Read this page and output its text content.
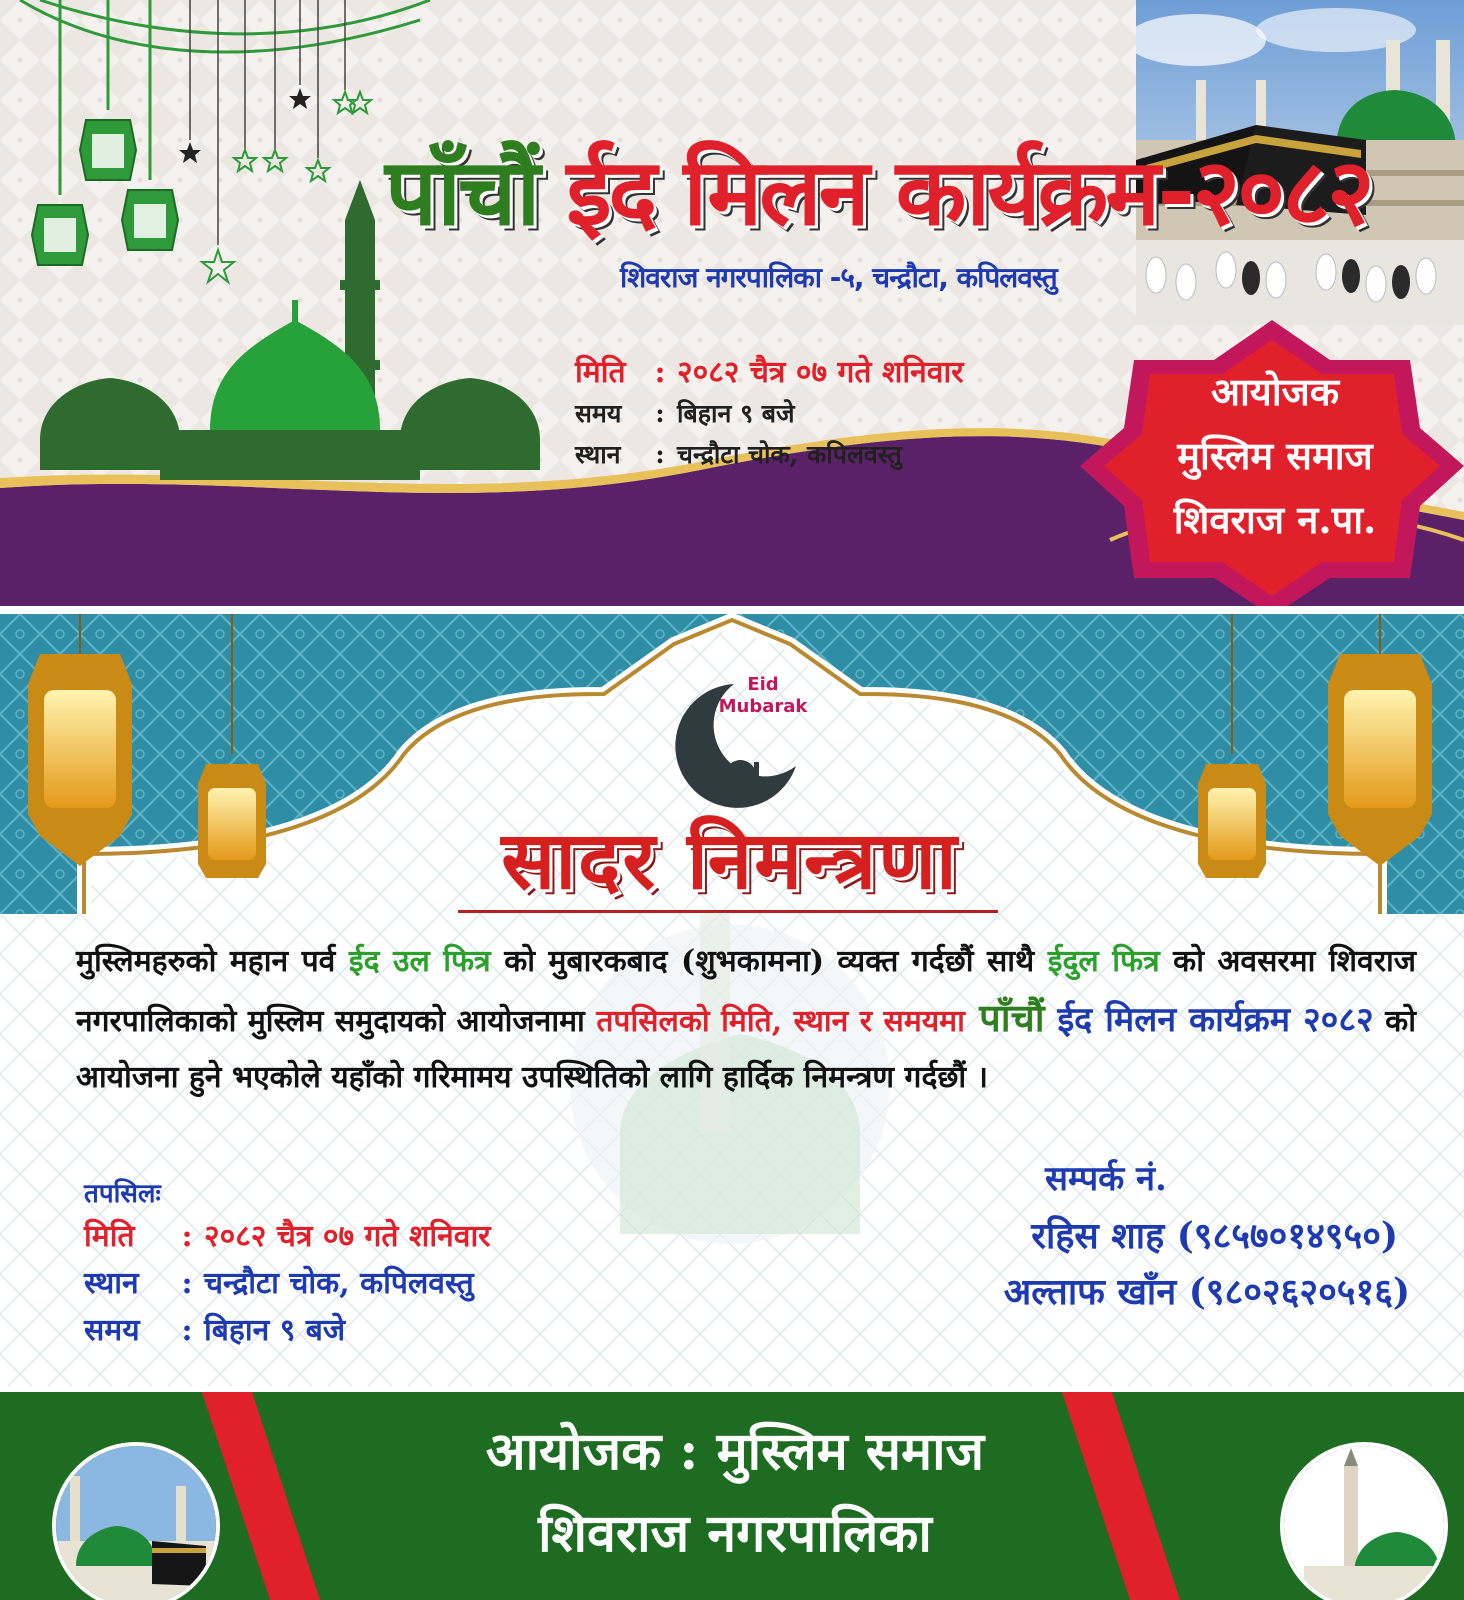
पाँचौं ईद मिलन कार्यक्रम-२०८२
शिवराज नगरपालिका -५, चन्द्रौटा, कपिलवस्तु
मिति : २०८२ चैत्र ०७ गते शनिवार
समय : बिहान ९ बजे
स्थान : चन्द्रौटा चोक, कपिलवस्तु
आयोजक
मुस्लिम समाज
शिवराज न.पा.
Eid
Mubarak
सादर निमन्त्रणा
मुस्लिमहरुको महान पर्व ईद उल फित्र को मुबारकबाद (शुभकामना) व्यक्त गर्दछौं साथै ईदुल फित्र को अवसरमा शिवराज नगरपालिकाको मुस्लिम समुदायको आयोजनामा तपसिलको मिति, स्थान र समयमा पाँचौं ईद मिलन कार्यक्रम २०८२ को आयोजना हुने भएकोले यहाँको गरिमामय उपस्थितिको लागि हार्दिक निमन्त्रण गर्दछौं ।
तपसिलः
मिति : २०८२ चैत्र ०७ गते शनिवार
स्थान : चन्द्रौटा चोक, कपिलवस्तु
समय : बिहान ९ बजे
सम्पर्क नं.
रहिस शाह (९८५७०१४९५०)
अल्ताफ खाँन (९८०२६२०५१६)
आयोजक : मुस्लिम समाज
शिवराज नगरपालिका
